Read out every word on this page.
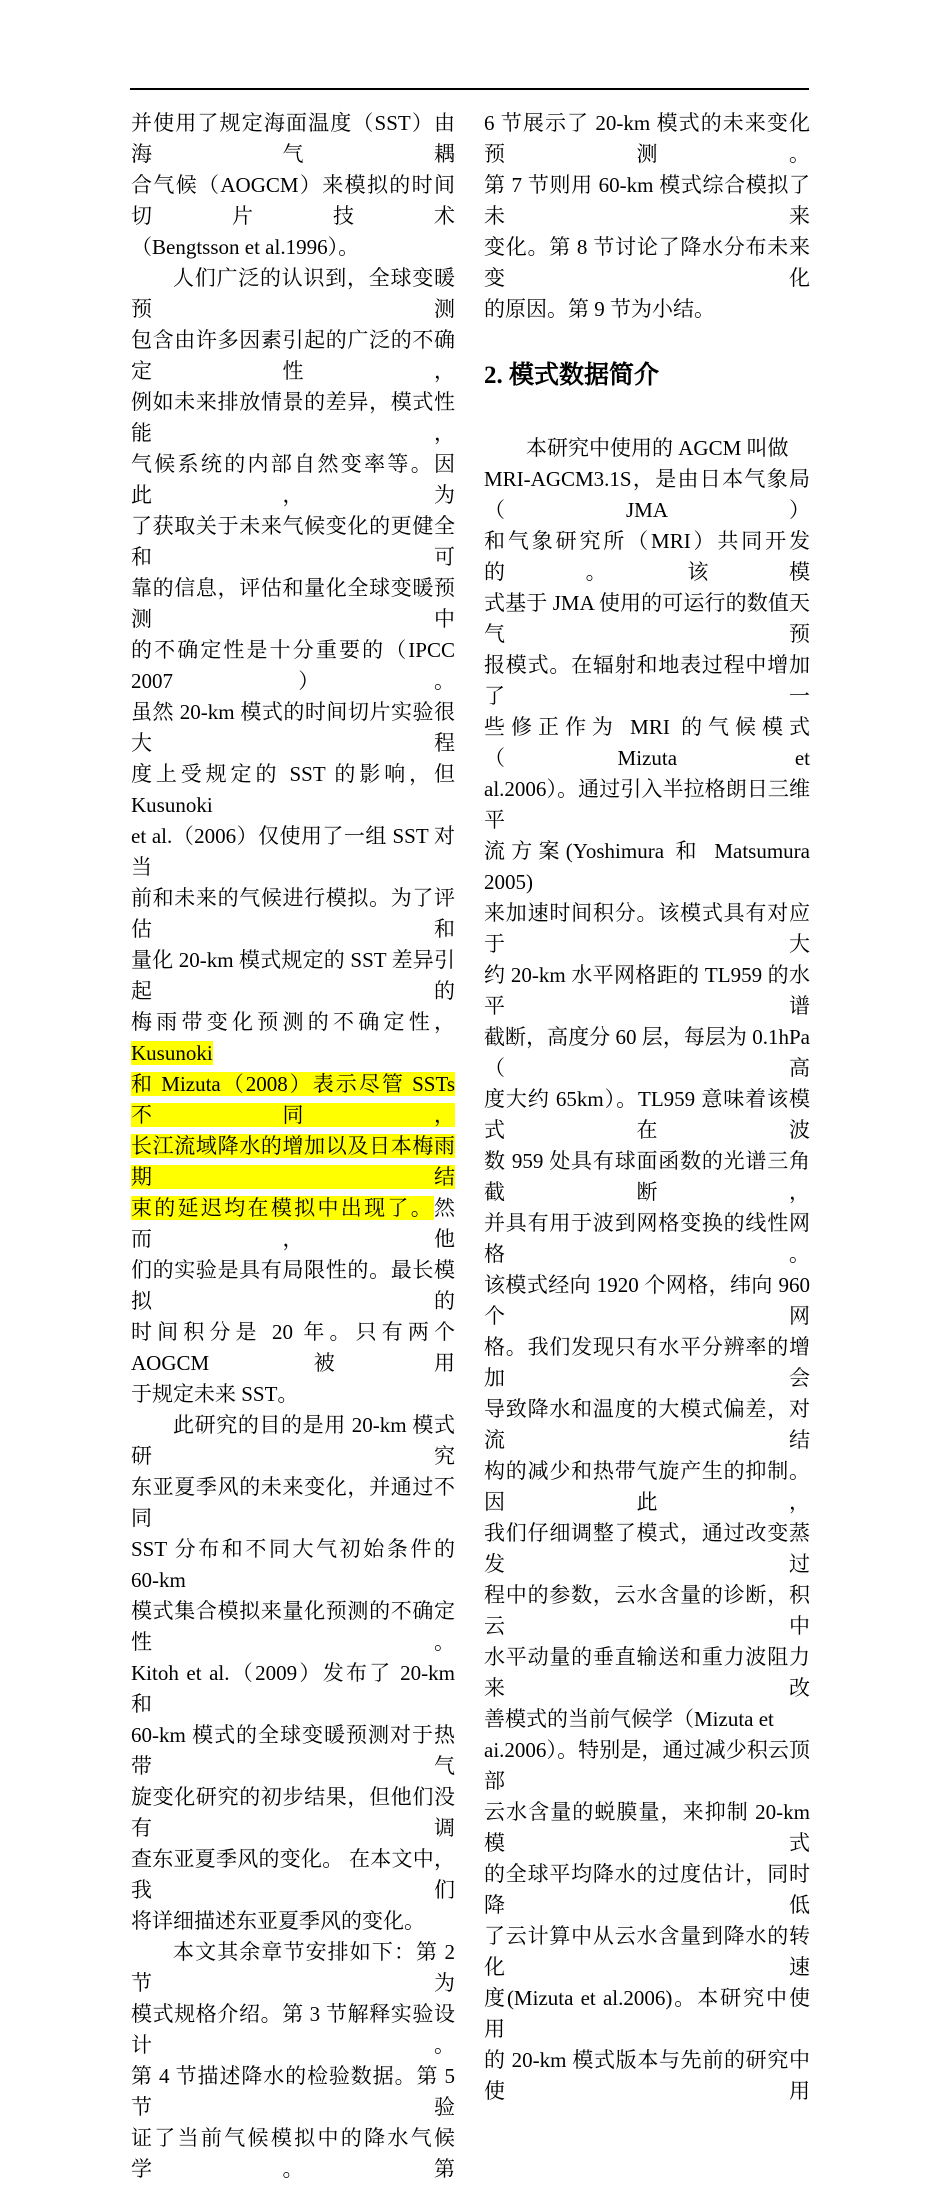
并使用了规定海面温度（SST）由海气耦
合气候（AOGCM）来模拟的时间切片技术
（Bengtsson et al.1996）。
人们广泛的认识到，全球变暖预测
包含由许多因素引起的广泛的不确定性，
例如未来排放情景的差异，模式性能，
气候系统的内部自然变率等。因此，为
了获取关于未来气候变化的更健全和可
靠的信息，评估和量化全球变暖预测中
的不确定性是十分重要的（IPCC 2007）。
虽然 20-km 模式的时间切片实验很大程
度上受规定的 SST 的影响，但 Kusunoki
et al.（2006）仅使用了一组 SST 对当
前和未来的气候进行模拟。为了评估和
量化 20-km 模式规定的 SST 差异引起的
梅雨带变化预测的不确定性，Kusunoki
和 Mizuta（2008）表示尽管 SSTs 不同，
长江流域降水的增加以及日本梅雨期结
束的延迟均在模拟中出现了。然而，他
们的实验是具有局限性的。最长模拟的
时间积分是 20 年。只有两个 AOGCM 被用
于规定未来 SST。
此研究的目的是用 20-km 模式研究
东亚夏季风的未来变化，并通过不同
SST 分布和不同大气初始条件的 60-km
模式集合模拟来量化预测的不确定性。
Kitoh et al.（2009）发布了 20-km 和
60-km 模式的全球变暖预测对于热带气
旋变化研究的初步结果，但他们没有调
查东亚夏季风的变化。 在本文中，我们
将详细描述东亚夏季风的变化。
本文其余章节安排如下：第 2 节为
模式规格介绍。第 3 节解释实验设计。
第 4 节描述降水的检验数据。第 5 节验
证了当前气候模拟中的降水气候学。第
6 节展示了 20-km 模式的未来变化预测。
第 7 节则用 60-km 模式综合模拟了未来
变化。第 8 节讨论了降水分布未来变化
的原因。第 9 节为小结。
2. 模式数据简介
本研究中使用的 AGCM 叫做
MRI-AGCM3.1S，是由日本气象局（JMA）
和气象研究所（MRI）共同开发的。该模
式基于 JMA 使用的可运行的数值天气预
报模式。在辐射和地表过程中增加了一
些修正作为 MRI 的气候模式（Mizuta et
al.2006）。通过引入半拉格朗日三维平
流方案(Yoshimura 和 Matsumura 2005)
来加速时间积分。该模式具有对应于大
约 20-km 水平网格距的 TL959 的水平谱
截断，高度分 60 层，每层为 0.1hPa（高
度大约 65km）。TL959 意味着该模式在波
数 959 处具有球面函数的光谱三角截断，
并具有用于波到网格变换的线性网格。
该模式经向 1920 个网格，纬向 960 个网
格。我们发现只有水平分辨率的增加会
导致降水和温度的大模式偏差，对流结
构的减少和热带气旋产生的抑制。因此，
我们仔细调整了模式，通过改变蒸发过
程中的参数，云水含量的诊断，积云中
水平动量的垂直输送和重力波阻力来改
善模式的当前气候学（Mizuta et
ai.2006）。特别是，通过减少积云顶部
云水含量的蜕膜量，来抑制 20-km 模式
的全球平均降水的过度估计，同时降低
了云计算中从云水含量到降水的转化速
度(Mizuta et al.2006)。本研究中使用
的 20-km 模式版本与先前的研究中使用
